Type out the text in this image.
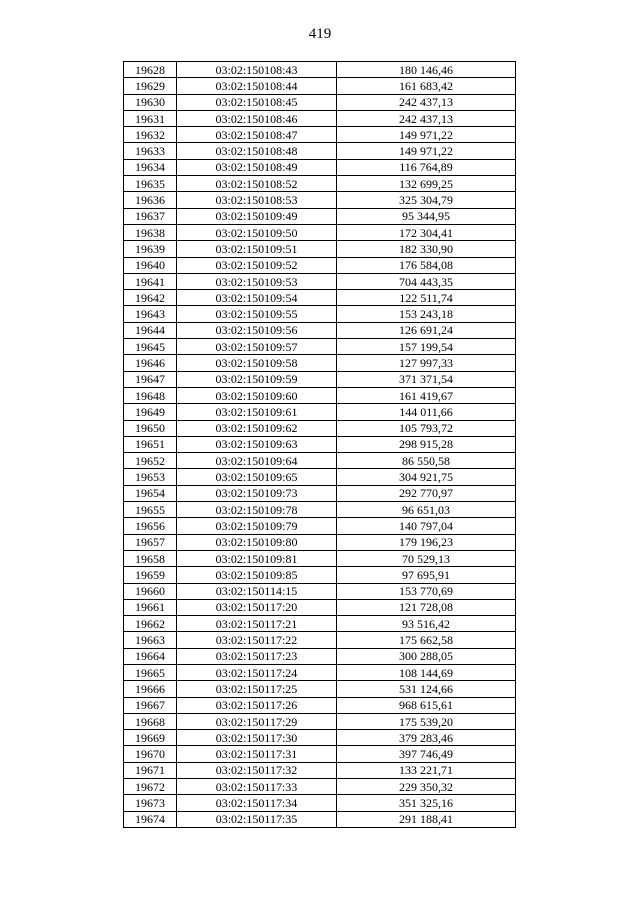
419
19628	03:02:150108:43	180 146,46
19629	03:02:150108:44	161 683,42
19630	03:02:150108:45	242 437,13
19631	03:02:150108:46	242 437,13
19632	03:02:150108:47	149 971,22
19633	03:02:150108:48	149 971,22
19634	03:02:150108:49	116 764,89
19635	03:02:150108:52	132 699,25
19636	03:02:150108:53	325 304,79
19637	03:02:150109:49	95 344,95
19638	03:02:150109:50	172 304,41
19639	03:02:150109:51	182 330,90
19640	03:02:150109:52	176 584,08
19641	03:02:150109:53	704 443,35
19642	03:02:150109:54	122 511,74
19643	03:02:150109:55	153 243,18
19644	03:02:150109:56	126 691,24
19645	03:02:150109:57	157 199,54
19646	03:02:150109:58	127 997,33
19647	03:02:150109:59	371 371,54
19648	03:02:150109:60	161 419,67
19649	03:02:150109:61	144 011,66
19650	03:02:150109:62	105 793,72
19651	03:02:150109:63	298 915,28
19652	03:02:150109:64	86 550,58
19653	03:02:150109:65	304 921,75
19654	03:02:150109:73	292 770,97
19655	03:02:150109:78	96 651,03
19656	03:02:150109:79	140 797,04
19657	03:02:150109:80	179 196,23
19658	03:02:150109:81	70 529,13
19659	03:02:150109:85	97 695,91
19660	03:02:150114:15	153 770,69
19661	03:02:150117:20	121 728,08
19662	03:02:150117:21	93 516,42
19663	03:02:150117:22	175 662,58
19664	03:02:150117:23	300 288,05
19665	03:02:150117:24	108 144,69
19666	03:02:150117:25	531 124,66
19667	03:02:150117:26	968 615,61
19668	03:02:150117:29	175 539,20
19669	03:02:150117:30	379 283,46
19670	03:02:150117:31	397 746,49
19671	03:02:150117:32	133 221,71
19672	03:02:150117:33	229 350,32
19673	03:02:150117:34	351 325,16
19674	03:02:150117:35	291 188,41
